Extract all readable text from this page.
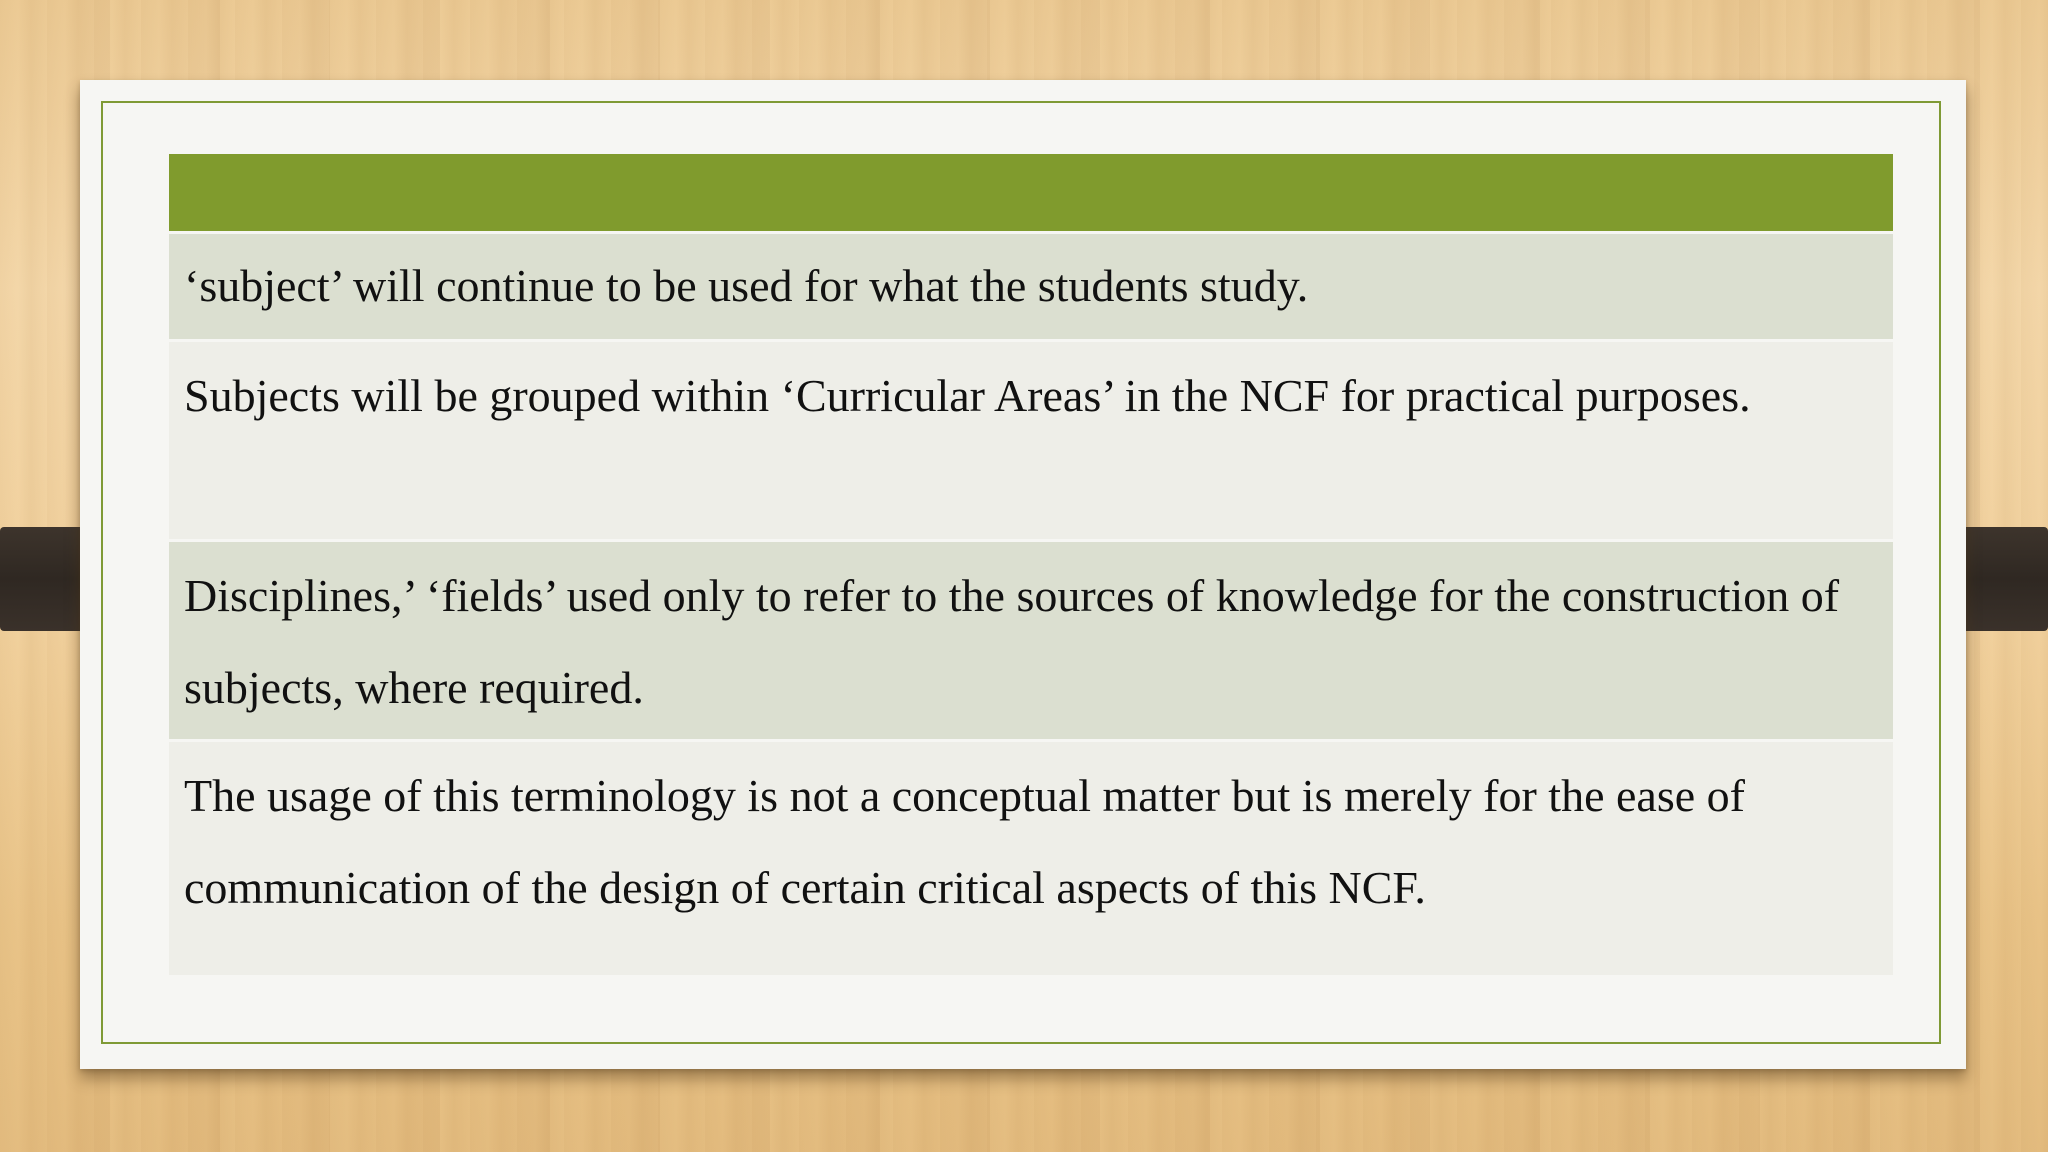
‘subject’ will continue to be used for what the students study.
Subjects will be grouped within ‘Curricular Areas’ in the NCF for practical purposes.
Disciplines,’ ‘fields’ used only to refer to the sources of knowledge for the construction of subjects, where required.
The usage of this terminology is not a conceptual matter but is merely for the ease of communication of the design of certain critical aspects of this NCF.
